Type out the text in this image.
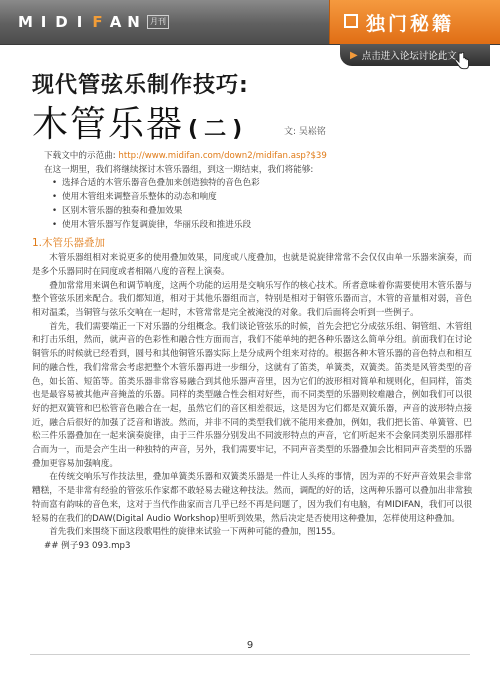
M I D I F A N	月刊	独门秘籍
▶ 点击进入论坛讨论此文
现代管弦乐制作技巧:
木管乐器 (二)	文: 吴崧铭

下载文中的示范曲: http://www.midifan.com/down2/midifan.asp?$39

在这一期里，我们将继续探讨木管乐器组，到这一期结束，我们将能够:

• 选择合适的木管乐器音色叠加来创造独特的音色色彩
• 使用木管组来调整音乐整体的动态和响度
• 区别木管乐器的独奏和叠加效果
• 使用木管乐器写作复调旋律，华丽乐段和推进乐段
1.木管乐器叠加

木管乐器组相对来说更多的使用叠加效果，同度或八度叠加，也就是说旋律常常不会仅仅由单一乐器来演奏，而是多个乐器同时在同度或者相隔八度的音程上演奏。

叠加常常用来调色和调节响度，这两个功能的运用是交响乐写作的核心技术。所者意味着你需要使用木管乐器与整个管弦乐团来配合。我们都知道，相对于其他乐器组而言，特别是相对于铜管乐器而言，木管的音量相对弱，音色相对温柔，当铜管与弦乐交响在一起时，木管常常是完全被淹没的对象。我们后面将会听到一些例子。

首先，我们需要端正一下对乐器的分组概念。我们谈论管弦乐的时候，首先会把它分成弦乐组、铜管组、木管组和打击乐组，然而，就声音的色彩性和融合性方面而言，我们不能单纯的把各种乐器这么简单分组。前面我们在讨论铜管乐的时候就已经看到，圆号和其他铜管乐器实际上是分成两个组来对待的。根据各种木管乐器的音色特点和相互间的融合性，我们常常会考虑把整个木管乐器再进一步细分，这就有了笛类，单簧类，双簧类。笛类是风管类型的音色，如长笛、短笛等。笛类乐器非常容易融合到其他乐器声音里，因为它们的波形相对简单和规则化，但同样，笛类也是最容易被其他声音掩盖的乐器。同样的类型融合性会相对好些，而不同类型的乐器则较难融合，例如我们可以很好的把双簧管和巴松管音色融合在一起，虽然它们的音区相差很远，这是因为它们都是双簧乐器，声音的波形特点接近，融合后很好的加强了泛音和谐波。然而，并非不同的类型我们就不能用来叠加，例如，我们把长笛、单簧管、巴松三件乐器叠加在一起来演奏旋律，由于三件乐器分别发出不同波形特点的声音，它们听起来不会象同类别乐器那样合而为一，而是会产生出一种独特的声音，另外，我们需要牢记，不同声音类型的乐器叠加会比相同声音类型的乐器叠加更容易加强响度。

在传统交响乐写作技法里，叠加单簧类乐器和双簧类乐器是一件让人头疼的事情，因为弄的不好声音效果会非常糟糕，不是非常有经验的管弦乐作家都不敢轻易去碰这种技法。然而，调配的好的话，这两种乐器可以叠加出非常独特而富有韵味的音色来，这对于当代作曲家而言几乎已经不再是问题了，因为我们有电脑，有MIDIFAN，我们可以很轻易的在我们的DAW(Digital Audio Workshop)里听到效果，然后决定是否使用这种叠加，怎样使用这种叠加。

首先我们来围绕下面这段歌唱性的旋律来试验一下两种可能的叠加，图155。

## 例子93 093.mp3

9
